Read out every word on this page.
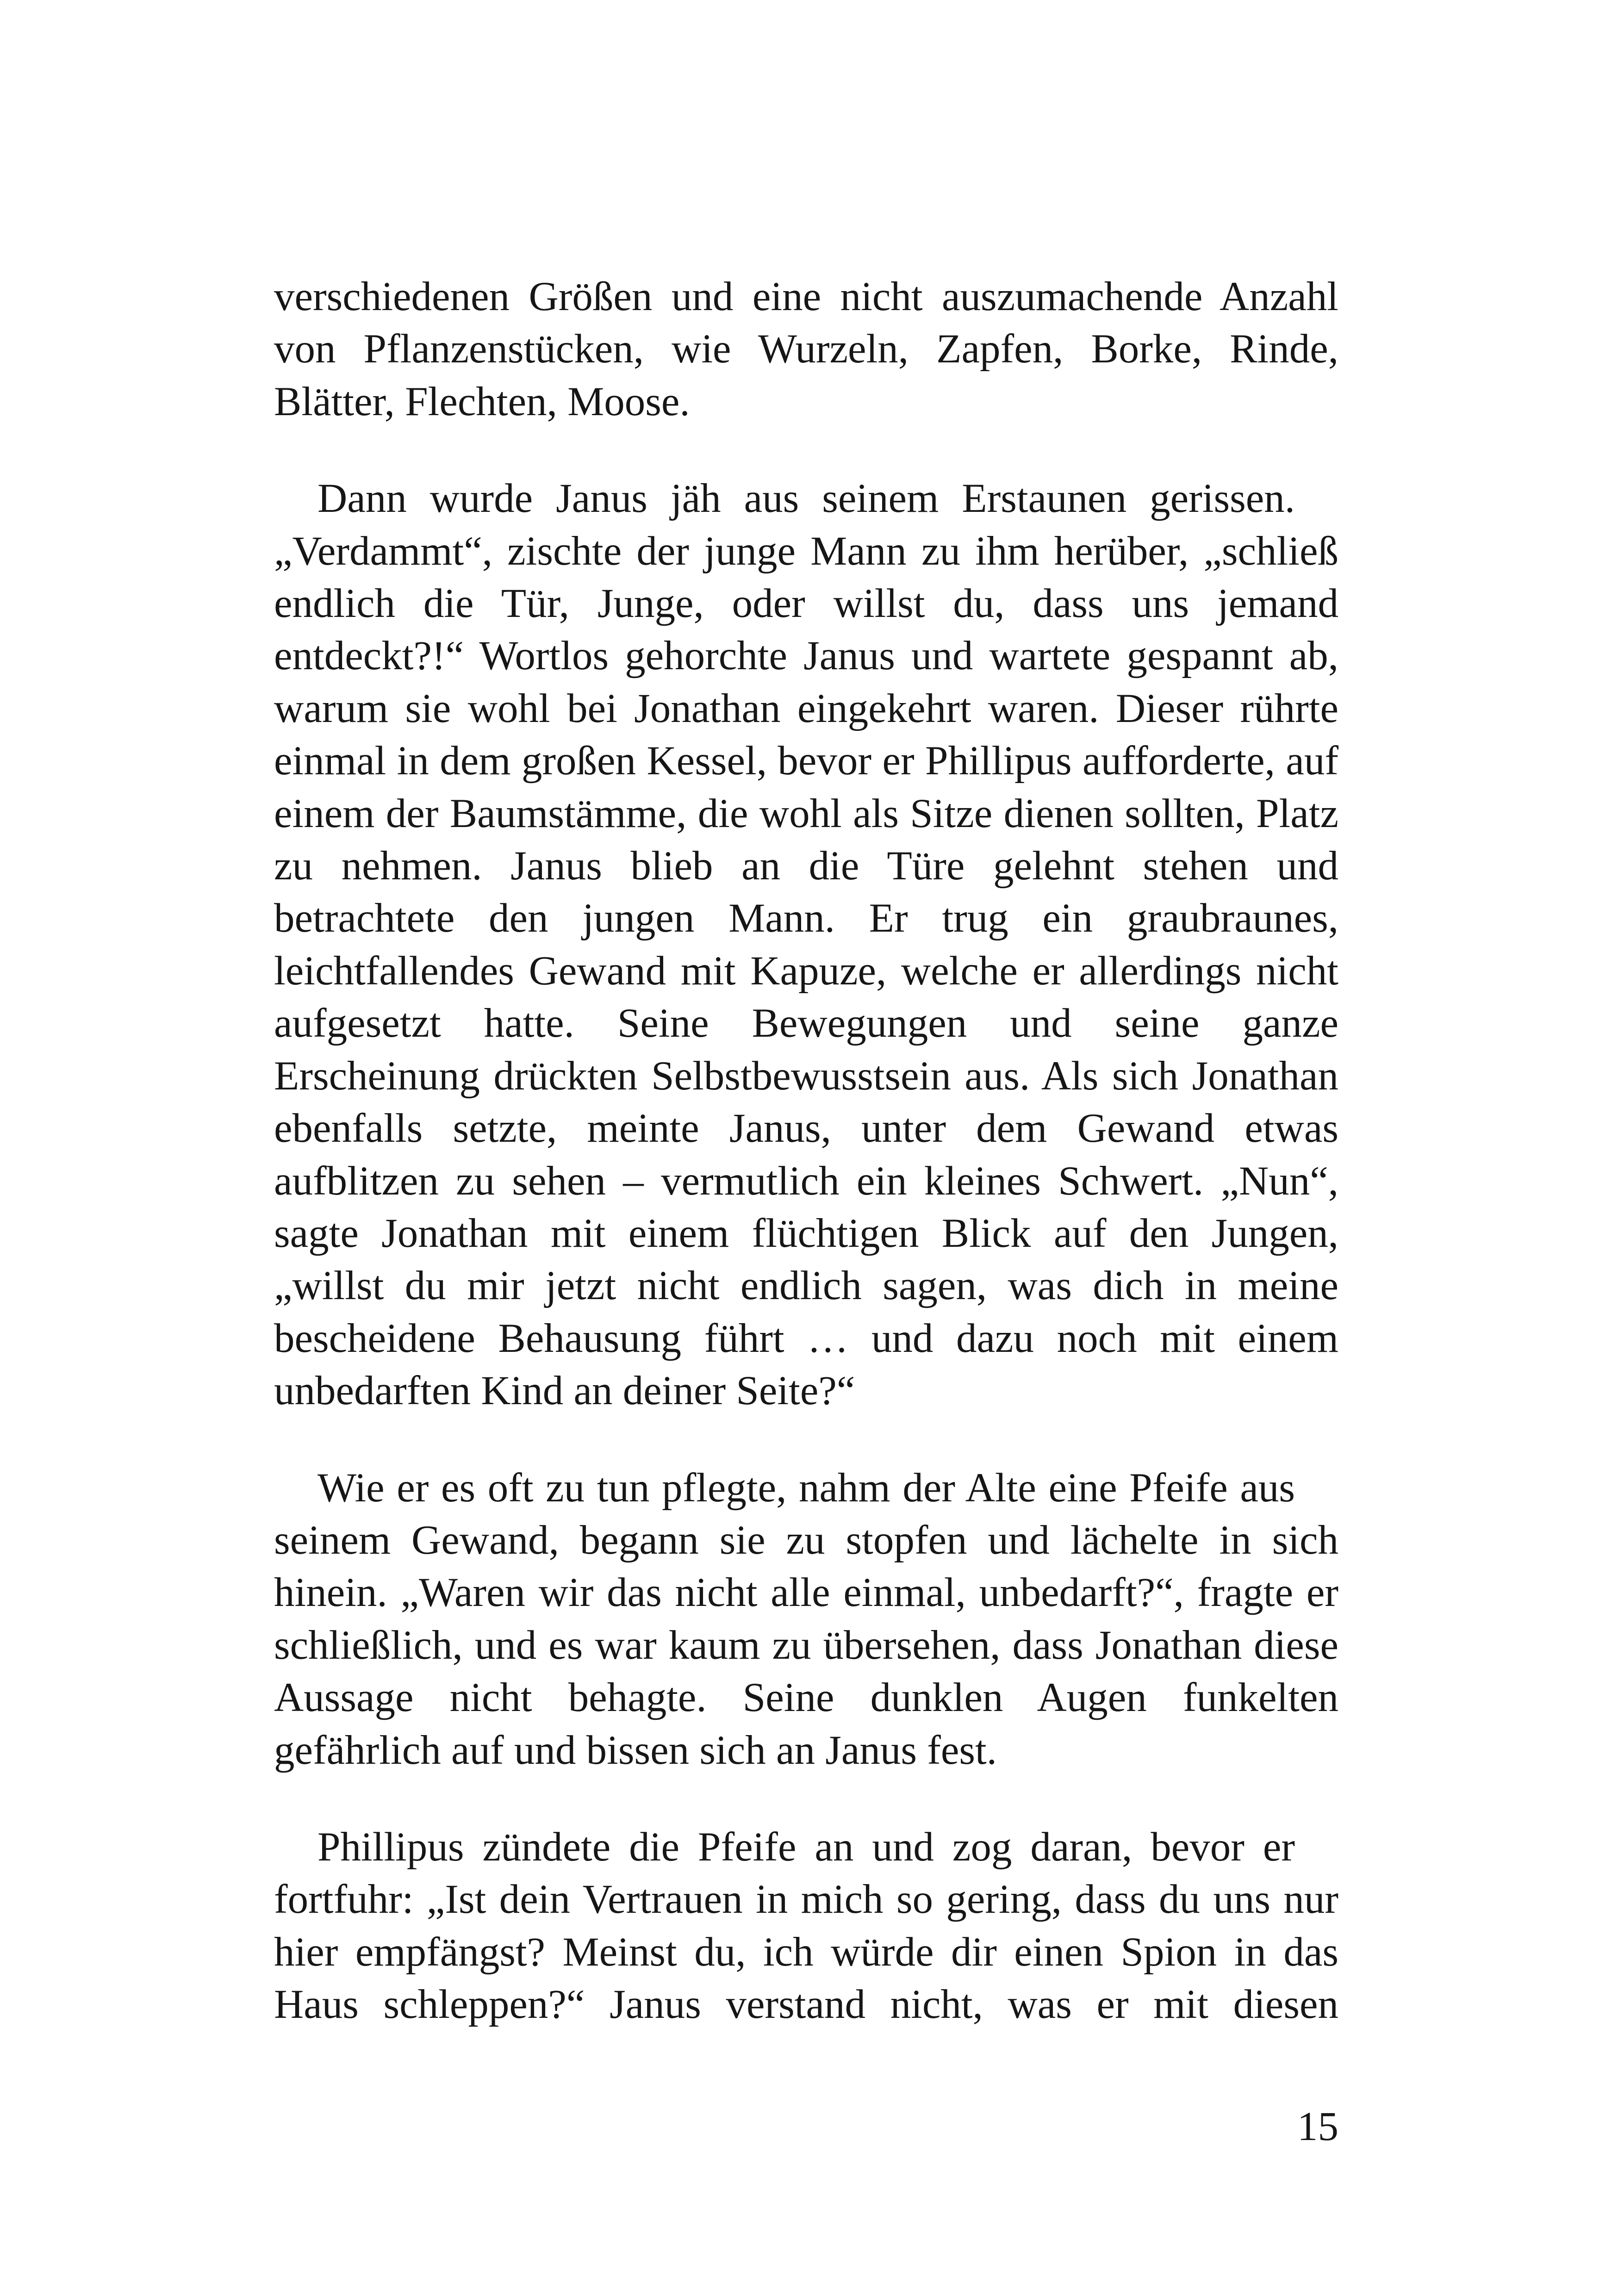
verschiedenen Größen und eine nicht auszumachende Anzahl
von Pflanzenstücken, wie Wurzeln, Zapfen, Borke, Rinde,
Blätter, Flechten, Moose.

Dann wurde Janus jäh aus seinem Erstaunen gerissen.
„Verdammt“, zischte der junge Mann zu ihm herüber, „schließ
endlich die Tür, Junge, oder willst du, dass uns jemand
entdeckt?!“ Wortlos gehorchte Janus und wartete gespannt ab,
warum sie wohl bei Jonathan eingekehrt waren. Dieser rührte
einmal in dem großen Kessel, bevor er Phillipus aufforderte, auf
einem der Baumstämme, die wohl als Sitze dienen sollten, Platz
zu nehmen. Janus blieb an die Türe gelehnt stehen und
betrachtete den jungen Mann. Er trug ein graubraunes,
leichtfallendes Gewand mit Kapuze, welche er allerdings nicht
aufgesetzt hatte. Seine Bewegungen und seine ganze
Erscheinung drückten Selbstbewusstsein aus. Als sich Jonathan
ebenfalls setzte, meinte Janus, unter dem Gewand etwas
aufblitzen zu sehen – vermutlich ein kleines Schwert. „Nun“,
sagte Jonathan mit einem flüchtigen Blick auf den Jungen,
„willst du mir jetzt nicht endlich sagen, was dich in meine
bescheidene Behausung führt … und dazu noch mit einem
unbedarften Kind an deiner Seite?“

Wie er es oft zu tun pflegte, nahm der Alte eine Pfeife aus
seinem Gewand, begann sie zu stopfen und lächelte in sich
hinein. „Waren wir das nicht alle einmal, unbedarft?“, fragte er
schließlich, und es war kaum zu übersehen, dass Jonathan diese
Aussage nicht behagte. Seine dunklen Augen funkelten
gefährlich auf und bissen sich an Janus fest.

Phillipus zündete die Pfeife an und zog daran, bevor er
fortfuhr: „Ist dein Vertrauen in mich so gering, dass du uns nur
hier empfängst? Meinst du, ich würde dir einen Spion in das
Haus schleppen?“ Janus verstand nicht, was er mit diesen

15
